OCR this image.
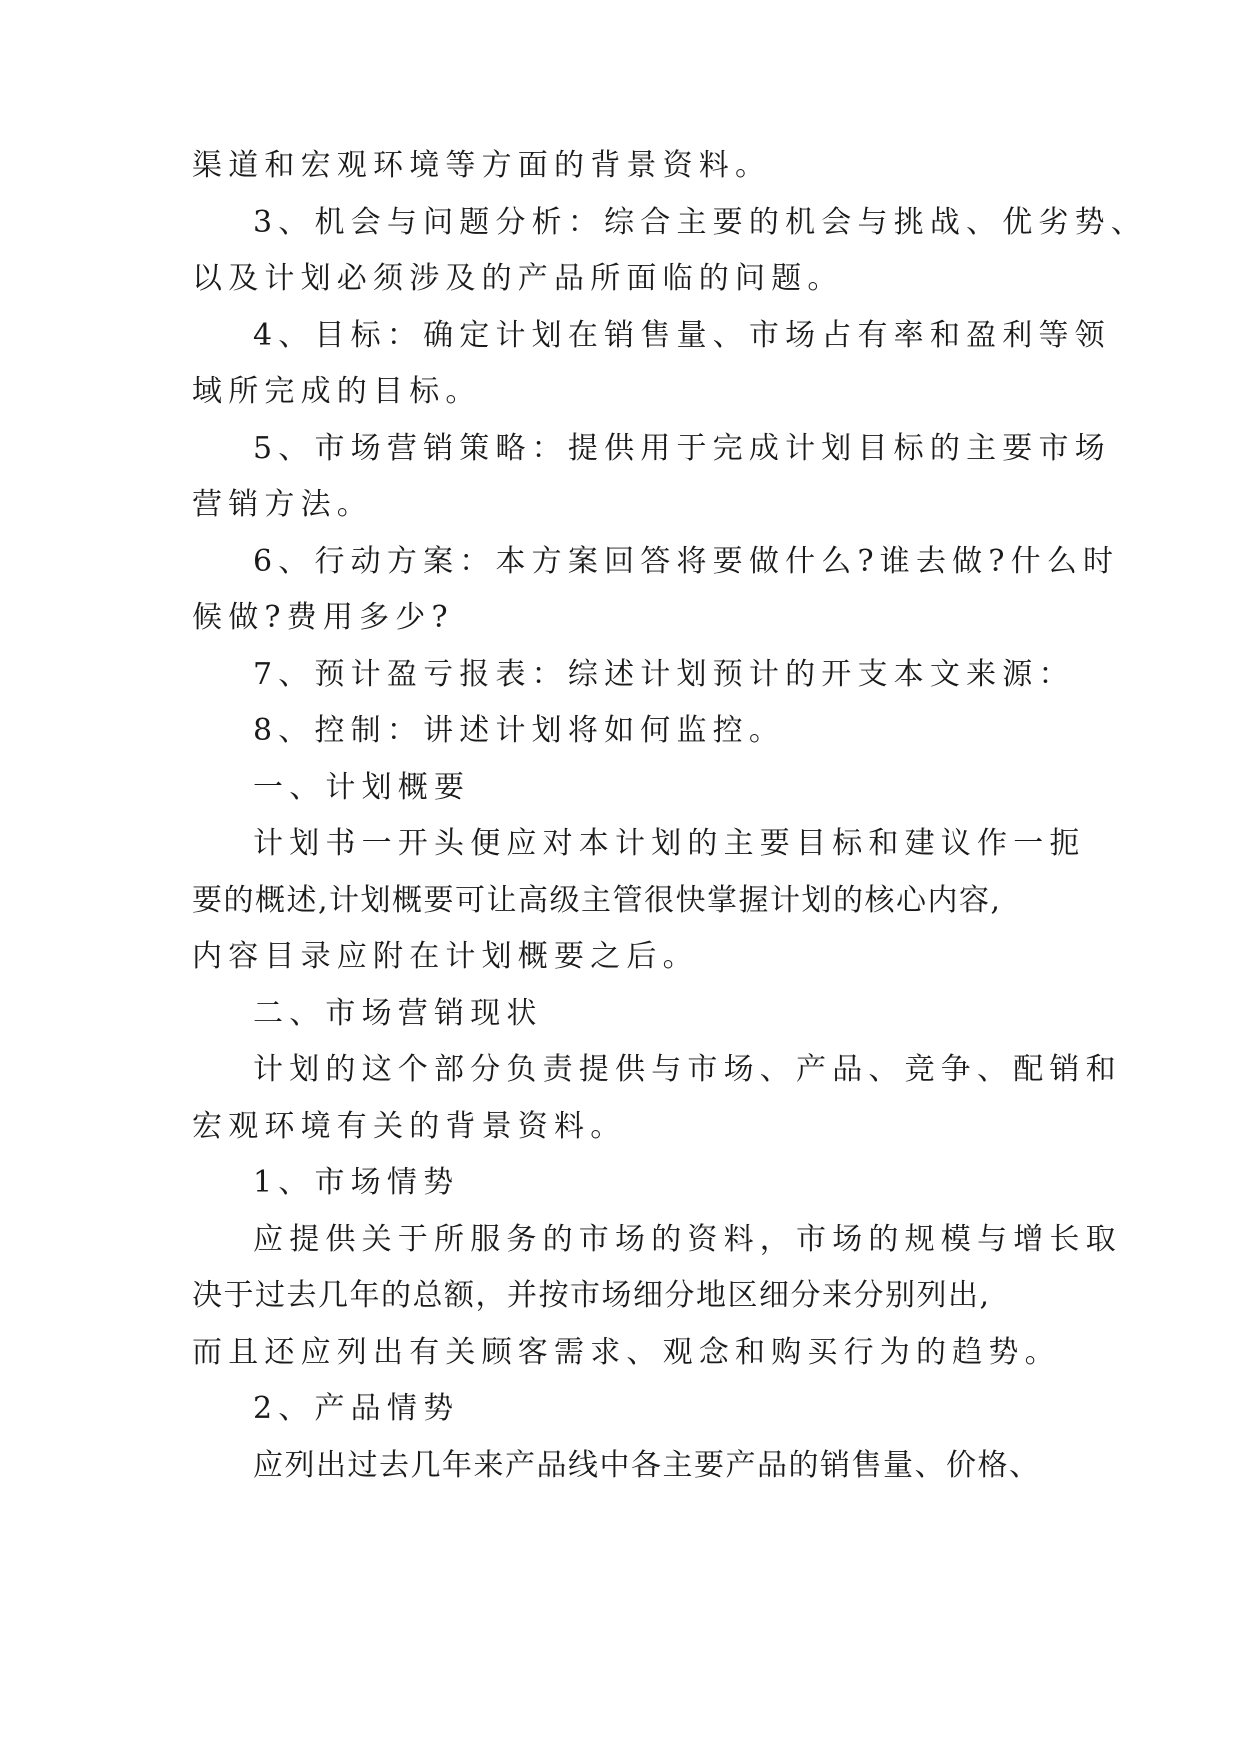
渠道和宏观环境等方面的背景资料。
3、机会与问题分析：综合主要的机会与挑战、优劣势、
以及计划必须涉及的产品所面临的问题。
4、目标：确定计划在销售量、市场占有率和盈利等领
域所完成的目标。
5、市场营销策略：提供用于完成计划目标的主要市场
营销方法。
6、行动方案：本方案回答将要做什么?谁去做?什么时
候做?费用多少?
7、预计盈亏报表：综述计划预计的开支本文来源：
8、控制：讲述计划将如何监控。
一、计划概要
计划书一开头便应对本计划的主要目标和建议作一扼
要的概述,计划概要可让高级主管很快掌握计划的核心内容,
内容目录应附在计划概要之后。
二、市场营销现状
计划的这个部分负责提供与市场、产品、竞争、配销和
宏观环境有关的背景资料。
1、市场情势
应提供关于所服务的市场的资料，市场的规模与增长取
决于过去几年的总额，并按市场细分地区细分来分别列出,
而且还应列出有关顾客需求、观念和购买行为的趋势。
2、产品情势
应列出过去几年来产品线中各主要产品的销售量、价格、
